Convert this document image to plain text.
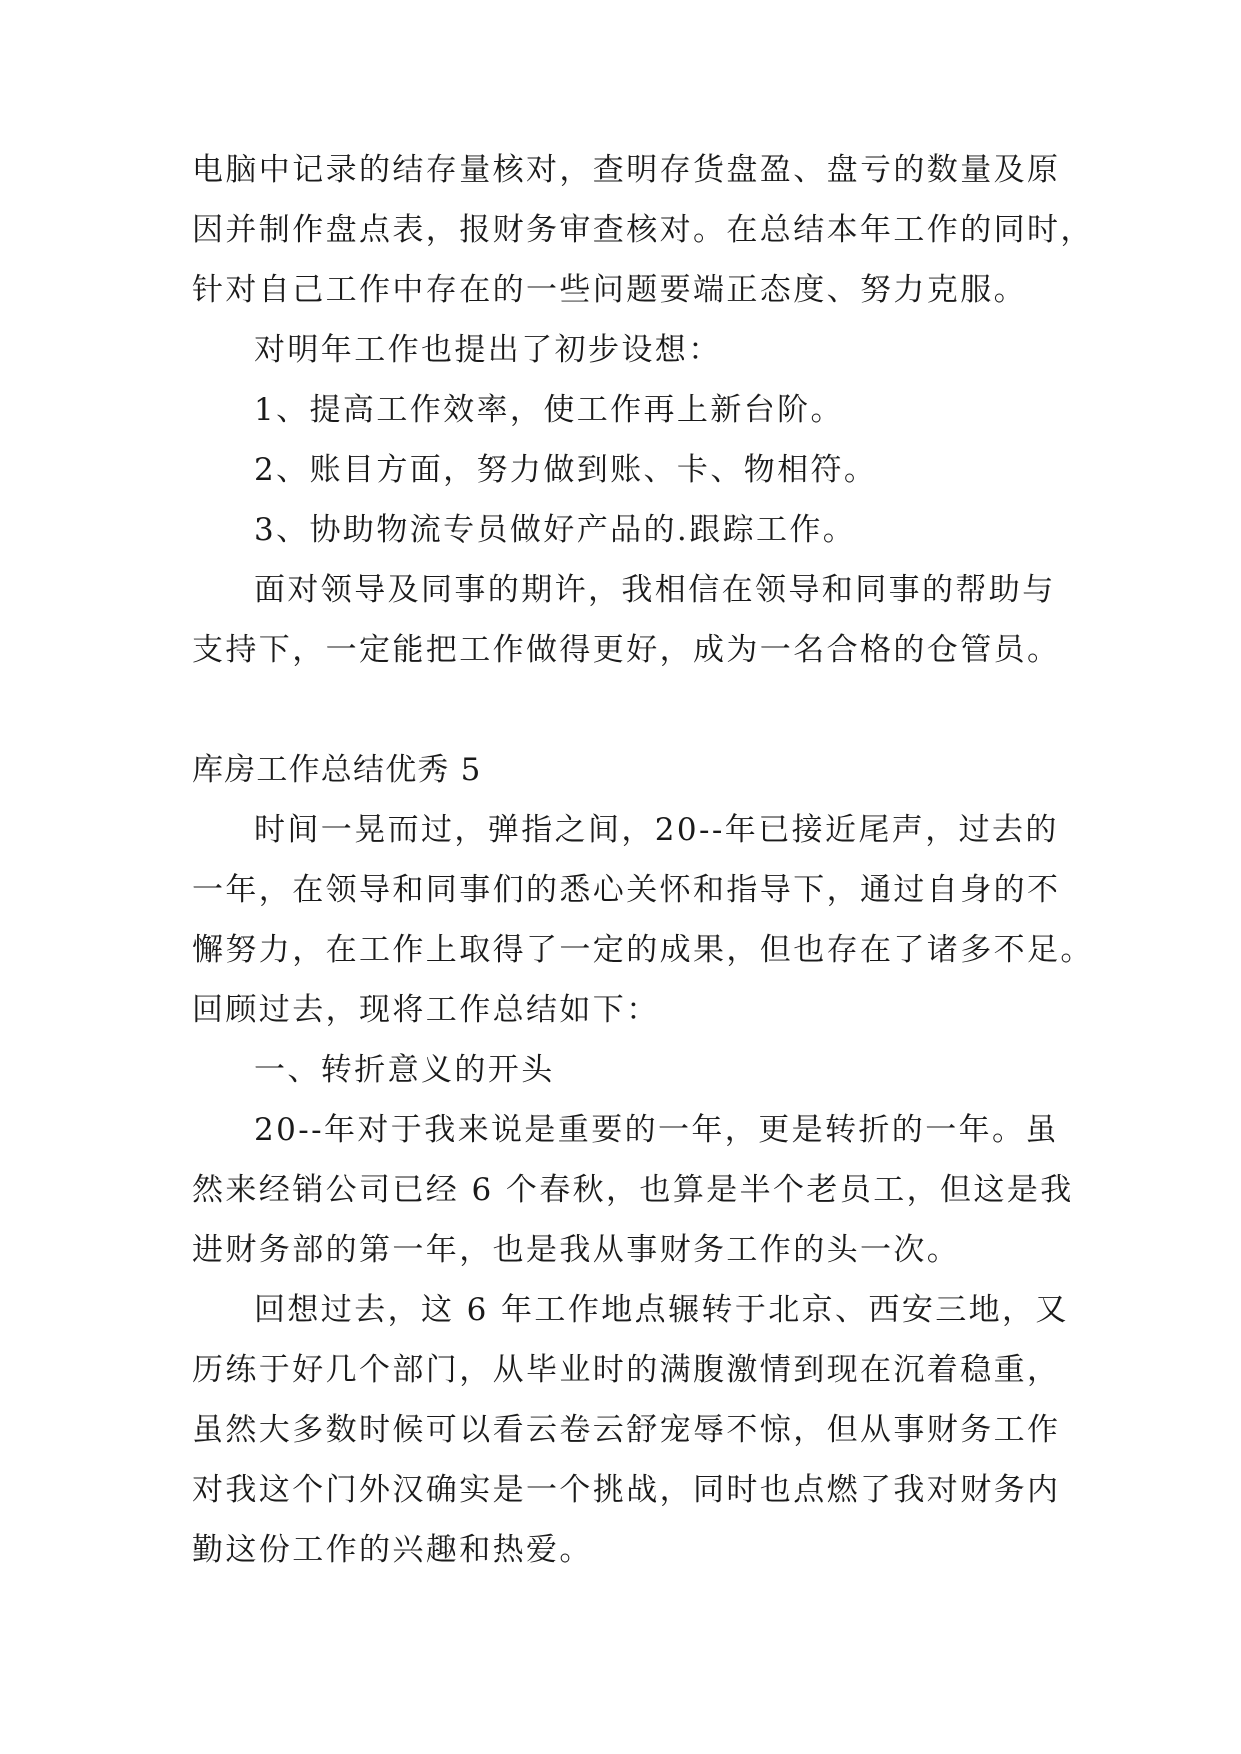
电脑中记录的结存量核对，查明存货盘盈、盘亏的数量及原
因并制作盘点表，报财务审查核对。在总结本年工作的同时，
针对自己工作中存在的一些问题要端正态度、努力克服。
对明年工作也提出了初步设想：
1、提高工作效率，使工作再上新台阶。
2、账目方面，努力做到账、卡、物相符。
3、协助物流专员做好产品的.跟踪工作。
面对领导及同事的期许，我相信在领导和同事的帮助与
支持下，一定能把工作做得更好，成为一名合格的仓管员。
库房工作总结优秀 5
时间一晃而过，弹指之间，20--年已接近尾声，过去的
一年，在领导和同事们的悉心关怀和指导下，通过自身的不
懈努力，在工作上取得了一定的成果，但也存在了诸多不足。
回顾过去，现将工作总结如下：
一、转折意义的开头
20--年对于我来说是重要的一年，更是转折的一年。虽
然来经销公司已经 6 个春秋，也算是半个老员工，但这是我
进财务部的第一年，也是我从事财务工作的头一次。
回想过去，这 6 年工作地点辗转于北京、西安三地，又
历练于好几个部门，从毕业时的满腹激情到现在沉着稳重，
虽然大多数时候可以看云卷云舒宠辱不惊，但从事财务工作
对我这个门外汉确实是一个挑战，同时也点燃了我对财务内
勤这份工作的兴趣和热爱。
